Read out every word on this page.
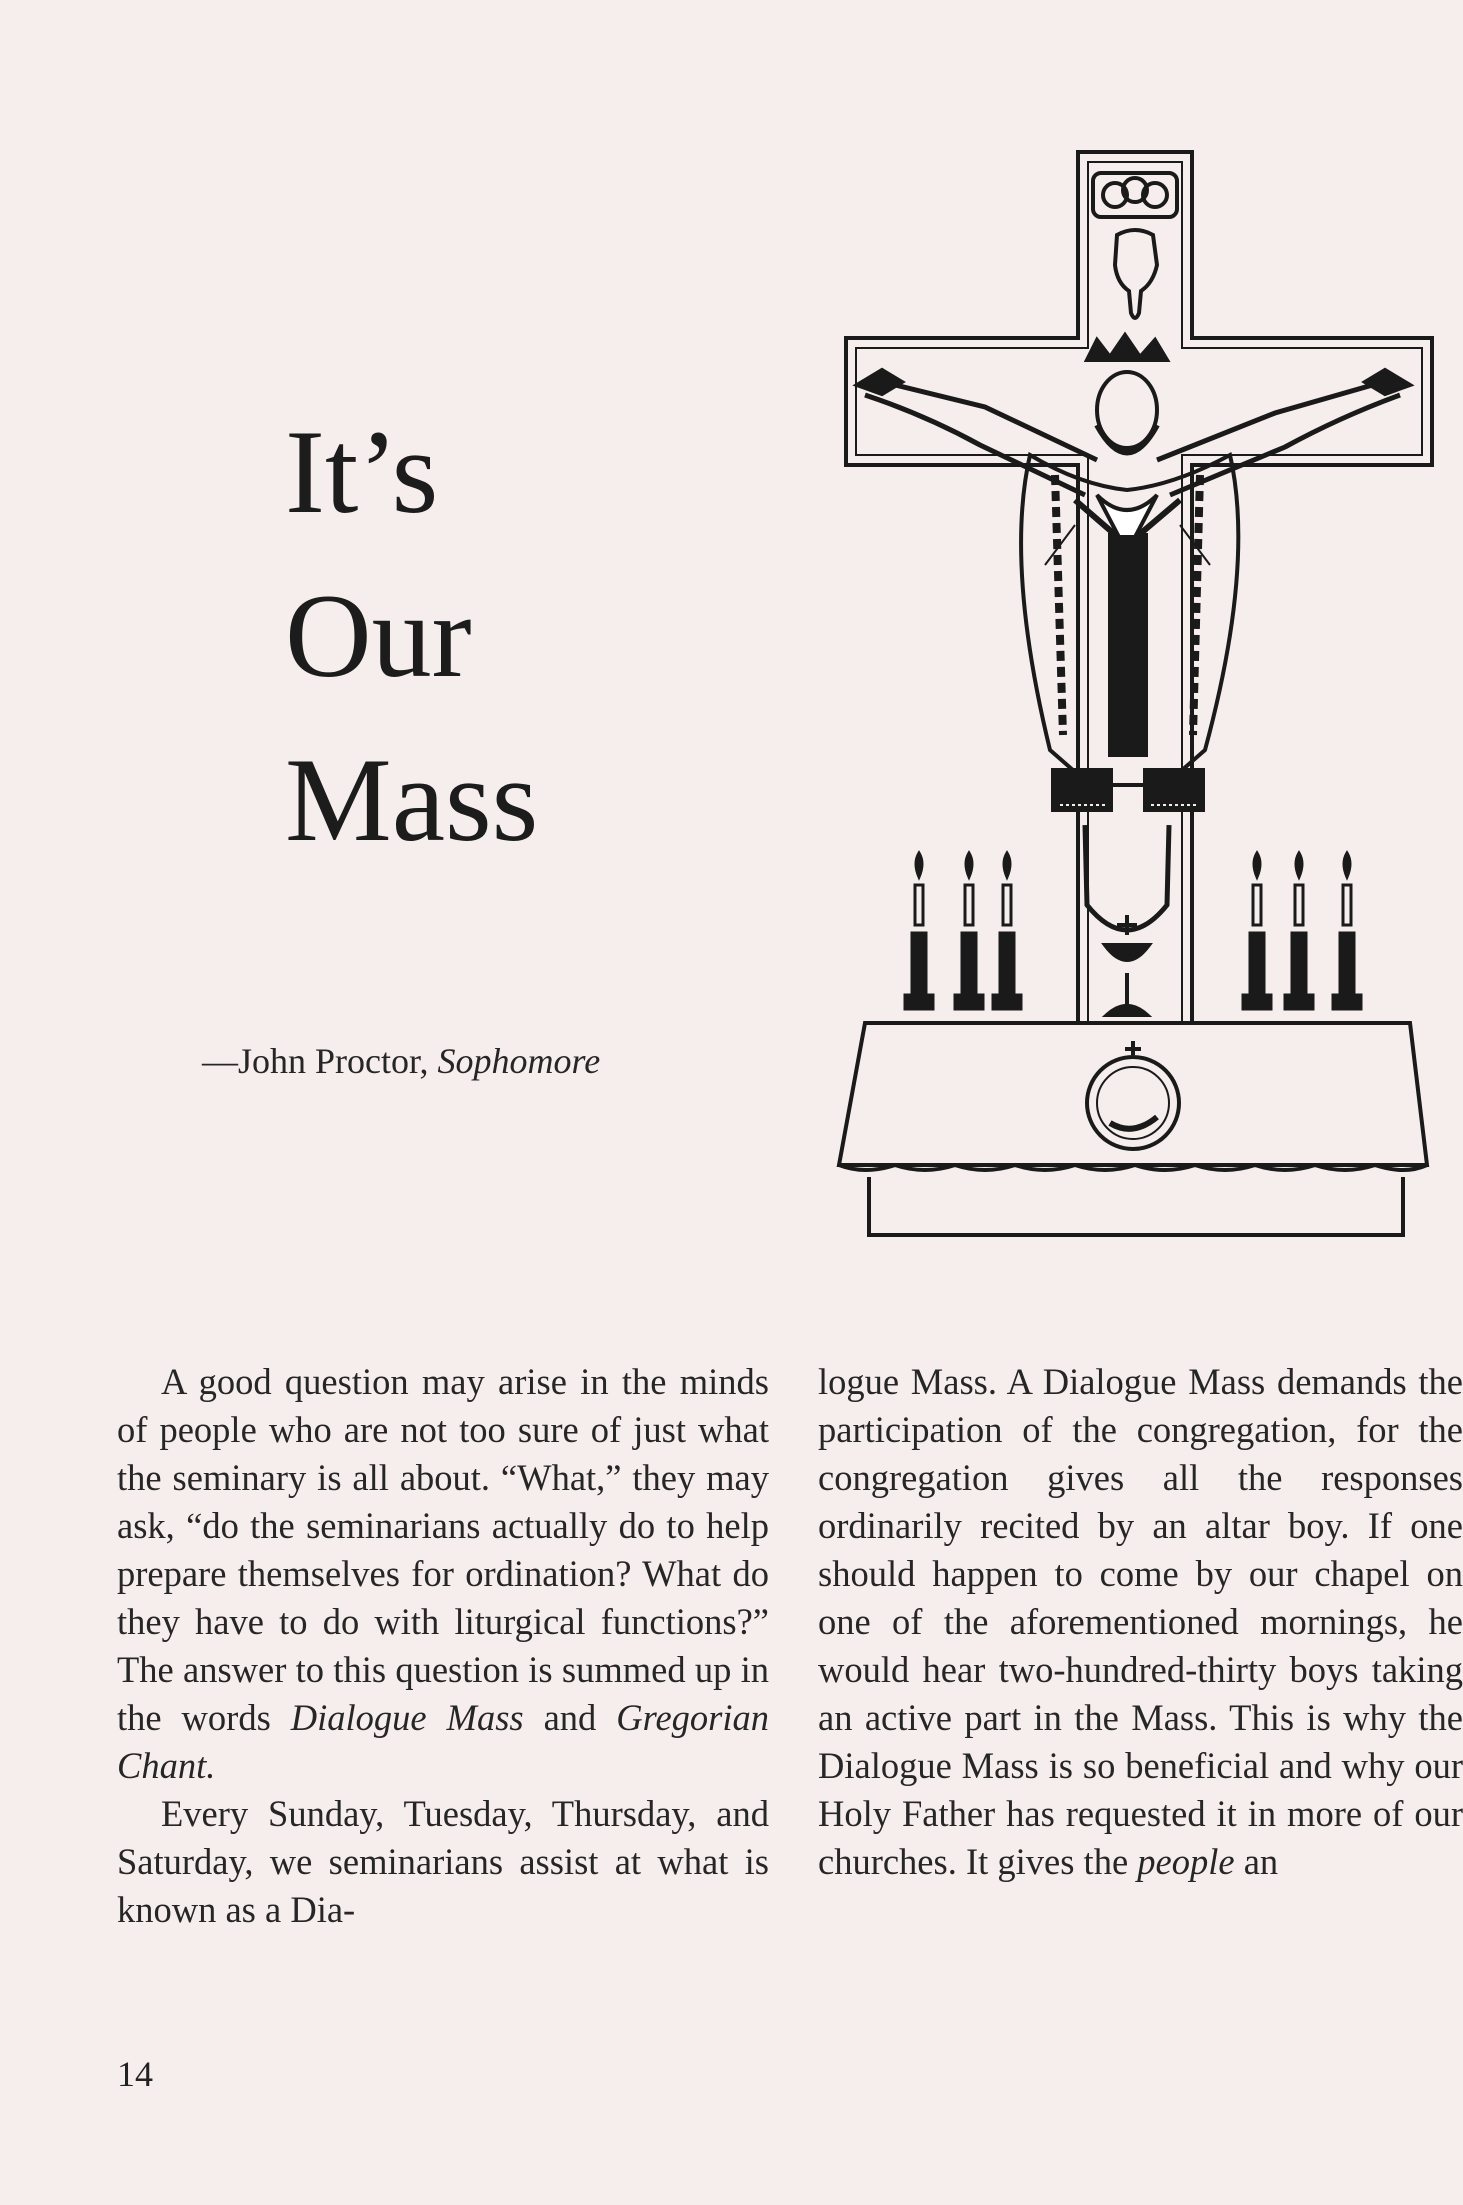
It’s
Our
Mass
—John Proctor, Sophomore

A good question may arise in the minds of people who are not too sure of just what the seminary is all about. “What,” they may ask, “do the seminarians actually do to help prepare themselves for ordination? What do they have to do with liturgical functions?” The answer to this question is summed up in the words Dialogue Mass and Gregorian Chant.

Every Sunday, Tuesday, Thursday, and Saturday, we seminarians assist at what is known as a Dia-

logue Mass. A Dialogue Mass demands the participation of the congregation, for the congregation gives all the responses ordinarily recited by an altar boy. If one should happen to come by our chapel on one of the aforementioned mornings, he would hear two-hundred-thirty boys taking an active part in the Mass. This is why the Dialogue Mass is so beneficial and why our Holy Father has requested it in more of our churches. It gives the people an

14
